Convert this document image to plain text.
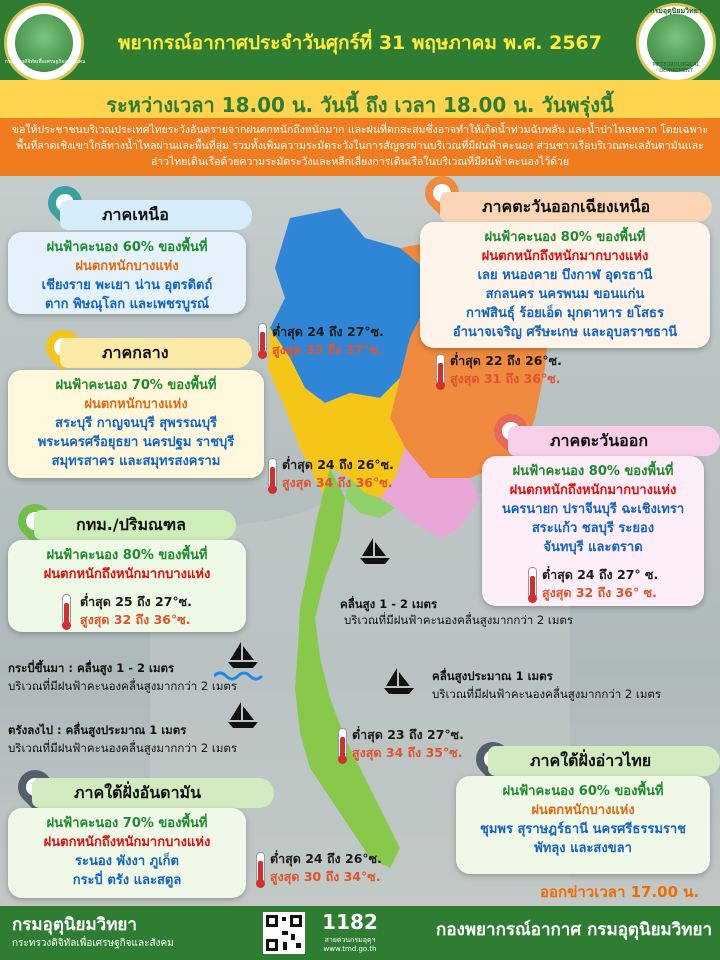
กระทรวงดิจิทัลเพื่อเศรษฐกิจและสังคม
พยากรณ์อากาศประจำวันศุกร์ที่ 31 พฤษภาคม พ.ศ. 2567
กรมอุตุนิยมวิทยา
METEOROLOGICAL DEPARTMENT
ระหว่างเวลา 18.00 น. วันนี้ ถึง เวลา 18.00 น. วันพรุ่งนี้
ขอให้ประชาชนบริเวณประเทศไทยระวังอันตรายจากฝนตกหนักถึงหนักมาก และฝนที่ตกสะสมซึ่งอาจทำให้เกิดน้ำท่วมฉับพลัน และน้ำป่าไหลหลาก โดยเฉพาะพื้นที่ลาดเชิงเขาใกล้ทางน้ำไหลผ่านและพื้นที่ลุ่ม รวมทั้งเพิ่มความระมัดระวังในการสัญจรผ่านบริเวณที่มีฝนฟ้าคะนอง ส่วนชาวเรือบริเวณทะเลอันดามันและอ่าวไทยเดินเรือด้วยความระมัดระวังและหลีกเลี่ยงการเดินเรือในบริเวณที่มีฝนฟ้าคะนองไว้ด้วย
ภาคเหนือ
ฝนฟ้าคะนอง 60% ของพื้นที่
ฝนตกหนักบางแห่ง
เชียงราย พะเยา น่าน อุตรดิตถ์
ตาก พิษณุโลก และเพชรบูรณ์
ต่ำสุด 24 ถึง 27°ซ.
สูงสุด 33 ถึง 37°ซ.
ภาคตะวันออกเฉียงเหนือ
ฝนฟ้าคะนอง 80% ของพื้นที่
ฝนตกหนักถึงหนักมากบางแห่ง
เลย หนองคาย บึงกาฬ อุดรธานี
สกลนคร นครพนม ขอนแก่น
กาฬสินธุ์ ร้อยเอ็ด มุกดาหาร ยโสธร
อำนาจเจริญ ศรีษะเกษ และอุบลราชธานี
ต่ำสุด 22 ถึง 26°ซ.
สูงสุด 31 ถึง 36°ซ.
ภาคกลาง
ฝนฟ้าคะนอง 70% ของพื้นที่
ฝนตกหนักบางแห่ง
สระบุรี กาญจนบุรี สุพรรณบุรี
พระนครศรีอยุธยา นครปฐม ราชบุรี
สมุทรสาคร และสมุทรสงคราม	ต่ำสุด 24 ถึง 26°ซ.
สูงสุด 34 ถึง 36°ซ.
ภาคตะวันออก
ฝนฟ้าคะนอง 80% ของพื้นที่
ฝนตกหนักถึงหนักมากบางแห่ง
นครนายก ปราจีนบุรี ฉะเชิงเทรา
สระแก้ว ชลบุรี ระยอง
จันทบุรี และตราด
ต่ำสุด 24 ถึง 27° ซ.
สูงสุด 32 ถึง 36° ซ.
กทม./ปริมณฑล
ฝนฟ้าคะนอง 80% ของพื้นที่
ฝนตกหนักถึงหนักมากบางแห่ง
ต่ำสุด 25 ถึง 27°ซ.
สูงสุด 32 ถึง 36°ซ.
คลื่นสูง 1 - 2 เมตร
บริเวณที่มีฝนฟ้าคะนองคลื่นสูงมากกว่า 2 เมตร
กระบี่ขึ้นมา : คลื่นสูง 1 - 2 เมตร
บริเวณที่มีฝนฟ้าคะนองคลื่นสูงมากกว่า 2 เมตร
ตรังลงไป : คลื่นสูงประมาณ 1 เมตร
บริเวณที่มีฝนฟ้าคะนองคลื่นสูงมากกว่า 2 เมตร
คลื่นสูงประมาณ 1 เมตร
บริเวณที่มีฝนฟ้าคะนองคลื่นสูงมากกว่า 2 เมตร
ต่ำสุด 23 ถึง 27°ซ.
สูงสุด 34 ถึง 35°ซ.	ภาคใต้ฝั่งอ่าวไทย
ฝนฟ้าคะนอง 60% ของพื้นที่
ฝนตกหนักบางแห่ง
ชุมพร สุราษฎร์ธานี นครศรีธรรมราช
พัทลุง และสงขลา
ภาคใต้ฝั่งอันดามัน
ฝนฟ้าคะนอง 70% ของพื้นที่
ฝนตกหนักถึงหนักมากบางแห่ง
ระนอง พังงา ภูเก็ต
กระบี่ ตรัง และสตูล
ต่ำสุด 24 ถึง 26°ซ.
สูงสุด 30 ถึง 34°ซ.
ออกข่าวเวลา 17.00 น.
กรมอุตุนิยมวิทยา
กระทรวงดิจิทัลเพื่อเศรษฐกิจและสังคม
1182
สายด่วนกรมอุตุฯ
www.tmd.go.th
กองพยากรณ์อากาศ กรมอุตุนิยมวิทยา
